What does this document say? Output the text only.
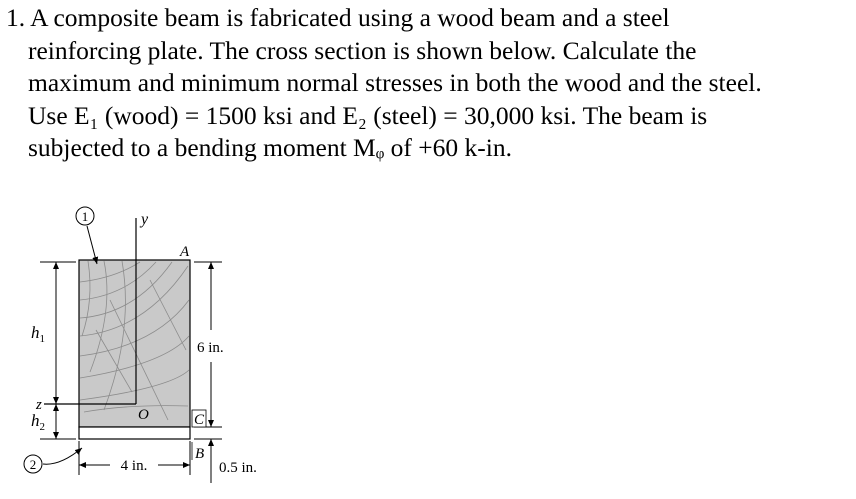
1. A composite beam is fabricated using a wood beam and a steel
reinforcing plate. The cross section is shown below. Calculate the
maximum and minimum normal stresses in both the wood and the steel.
Use E₁ (wood) = 1500 ksi and E₂ (steel) = 30,000 ksi. The beam is
subjected to a bending moment Mᵩ of +60 k-in.
1	y
A
$h_1$
$h_2$
z
6 in.
O	C
B
0.5 in.
4 in.
2
